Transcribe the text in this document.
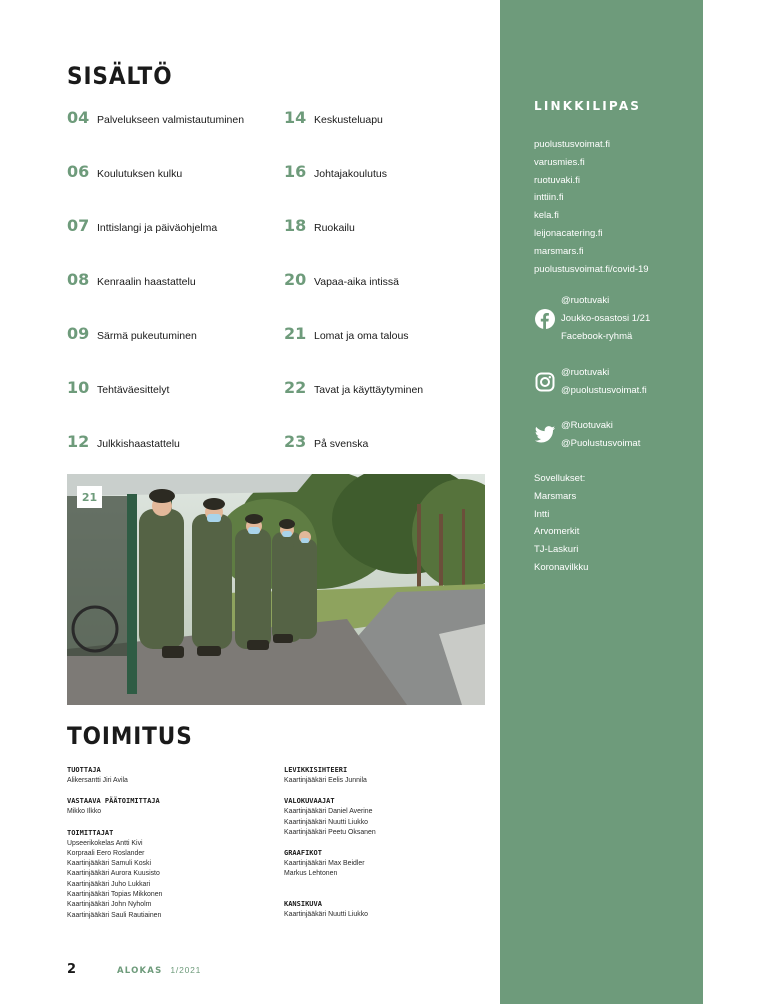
SISÄLTÖ
04 Palvelukseen valmistautuminen
06 Koulutuksen kulku
07 Inttislangi ja päiväohjelma
08 Kenraalin haastattelu
09 Särmä pukeutuminen
10 Tehtäväesittelyt
12 Julkkishaastattelu
14 Keskusteluapu
16 Johtajakoulutus
18 Ruokailu
20 Vapaa-aika intissä
21 Lomat ja oma talous
22 Tavat ja käyttäytyminen
23 På svenska
21
TOIMITUS
TUOTTAJA
Alikersantti Jiri Avila
VASTAAVA PÄÄTOIMITTAJA
Mikko Ilkko
TOIMITTAJAT
Upseerikokelas Antti Kivi
Korpraali Eero Roslander
Kaartinjääkäri Samuli Koski
Kaartinjääkäri Aurora Kuusisto
Kaartinjääkäri Juho Lukkari
Kaartinjääkäri Topias Mikkonen
Kaartinjääkäri John Nyholm
Kaartinjääkäri Sauli Rautiainen
LEVIKKISIHTEERI
Kaartinjääkäri Eelis Junnila
VALOKUVAAJAT
Kaartinjääkäri Daniel Averine
Kaartinjääkäri Nuutti Liukko
Kaartinjääkäri Peetu Oksanen
GRAAFIKOT
Kaartinjääkäri Max Beidler
Markus Lehtonen
KANSIKUVA
Kaartinjääkäri Nuutti Liukko
2	ALOKAS 1/2021
LINKKILIPAS
puolustusvoimat.fi
varusmies.fi
ruotuvaki.fi
inttiin.fi
kela.fi
leijonacatering.fi
marsmars.fi
puolustusvoimat.fi/covid-19
@ruotuvaki
Joukko-osastosi 1/21
Facebook-ryhmä
@ruotuvaki
@puolustusvoimat.fi
@Ruotuvaki
@Puolustusvoimat
Sovellukset:
Marsmars
Intti
Arvomerkit
TJ-Laskuri
Koronavilkku
